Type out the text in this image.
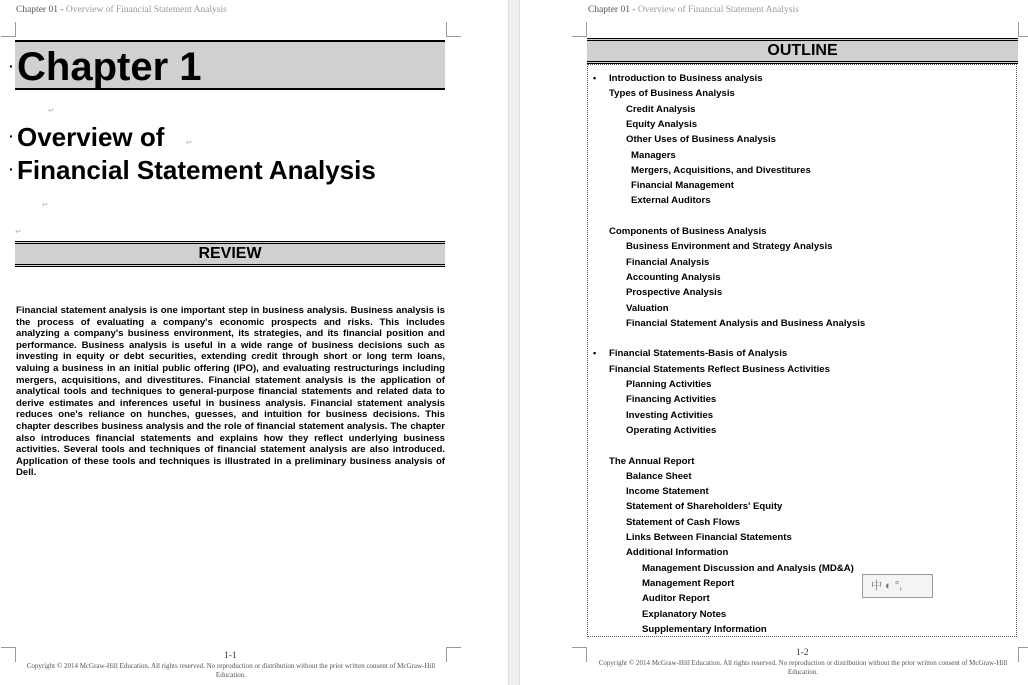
Chapter 01 - Overview of Financial Statement Analysis
Chapter 1
·
↵
· Overview of	↵
· Financial Statement Analysis
↵
↵
REVIEW

Financial statement analysis is one important step in business analysis. Business analysis is the process of evaluating a company's economic prospects and risks. This includes analyzing a company's business environment, its strategies, and its financial position and performance. Business analysis is useful in a wide range of business decisions such as investing in equity or debt securities, extending credit through short or long term loans, valuing a business in an initial public offering (IPO), and evaluating restructurings including mergers, acquisitions, and divestitures. Financial statement analysis is the application of analytical tools and techniques to general-purpose financial statements and related data to derive estimates and inferences useful in business analysis. Financial statement analysis reduces one's reliance on hunches, guesses, and intuition for business decisions. This chapter describes business analysis and the role of financial statement analysis. The chapter also introduces financial statements and explains how they reflect underlying business activities. Several tools and techniques of financial statement analysis are also introduced. Application of these tools and techniques is illustrated in a preliminary business analysis of Dell.

1-1
Copyright © 2014 McGraw-Hill Education. All rights reserved. No reproduction or distribution without the prior written consent of McGraw-Hill Education.
Chapter 01 - Overview of Financial Statement Analysis
1-2
Copyright © 2014 McGraw-Hill Education. All rights reserved. No reproduction or distribution without the prior written consent of McGraw-Hill Education.
OUTLINE
• Introduction to Business analysis
Types of Business Analysis
Credit Analysis
Equity Analysis
Other Uses of Business Analysis
Managers
Mergers, Acquisitions, and Divestitures
Financial Management
External Auditors
Components of Business Analysis
Business Environment and Strategy Analysis
Financial Analysis
Accounting Analysis
Prospective Analysis
Valuation
Financial Statement Analysis and Business Analysis
▪ Financial Statements-Basis of Analysis
Financial Statements Reflect Business Activities
Planning Activities
Financing Activities
Investing Activities
Operating Activities
The Annual Report
Balance Sheet
Income Statement
Statement of Shareholders' Equity
Statement of Cash Flows
Links Between Financial Statements
Additional Information
Management Discussion and Analysis (MD&A)
Management Report
Auditor Report
Explanatory Notes
Supplementary Information
中 ◐ °,
